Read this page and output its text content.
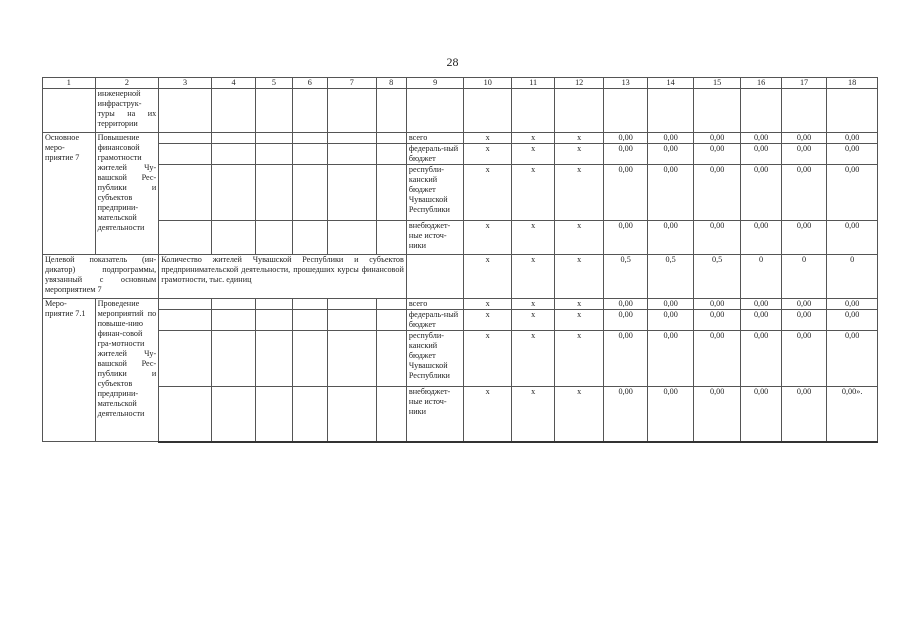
28
1	2	3	4	5	6	7	8	9	10	11	12	13	14	15	16	17	18
	инженерной инфраструк-туры на их территории																
Основное меро-приятие 7	Повышение финансовой грамотности жителей Чу-вашской Рес-публики и субъектов предприни-мательской деятельности							всего	x	x	x	0,00	0,00	0,00	0,00	0,00	0,00
								федераль-ный бюджет	x	x	x	0,00	0,00	0,00	0,00	0,00	0,00
								республи-канский бюджет Чувашской Республики	x	x	x	0,00	0,00	0,00	0,00	0,00	0,00
								внебюджет-ные источ-ники	x	x	x	0,00	0,00	0,00	0,00	0,00	0,00
Целевой показатель (ин-дикатор) подпрограммы, увязанный с основным мероприятием 7		Количество жителей Чувашской Республики и субъектов предпринимательской деятельности, прошедших курсы финансовой грамотности, тыс. единиц							x	x	x	0,5	0,5	0,5	0	0	0
Меро-приятие 7.1	Проведение мероприятий по повыше-нию финан-совой гра-мотности жителей Чу-вашской Рес-публики и субъектов предприни-мательской деятельности							всего	x	x	x	0,00	0,00	0,00	0,00	0,00	0,00
								федераль-ный бюджет	x	x	x	0,00	0,00	0,00	0,00	0,00	0,00
								республи-канский бюджет Чувашской Республики	x	x	x	0,00	0,00	0,00	0,00	0,00	0,00
								внебюджет-ные источ-ники	x	x	x	0,00	0,00	0,00	0,00	0,00	0,00».
